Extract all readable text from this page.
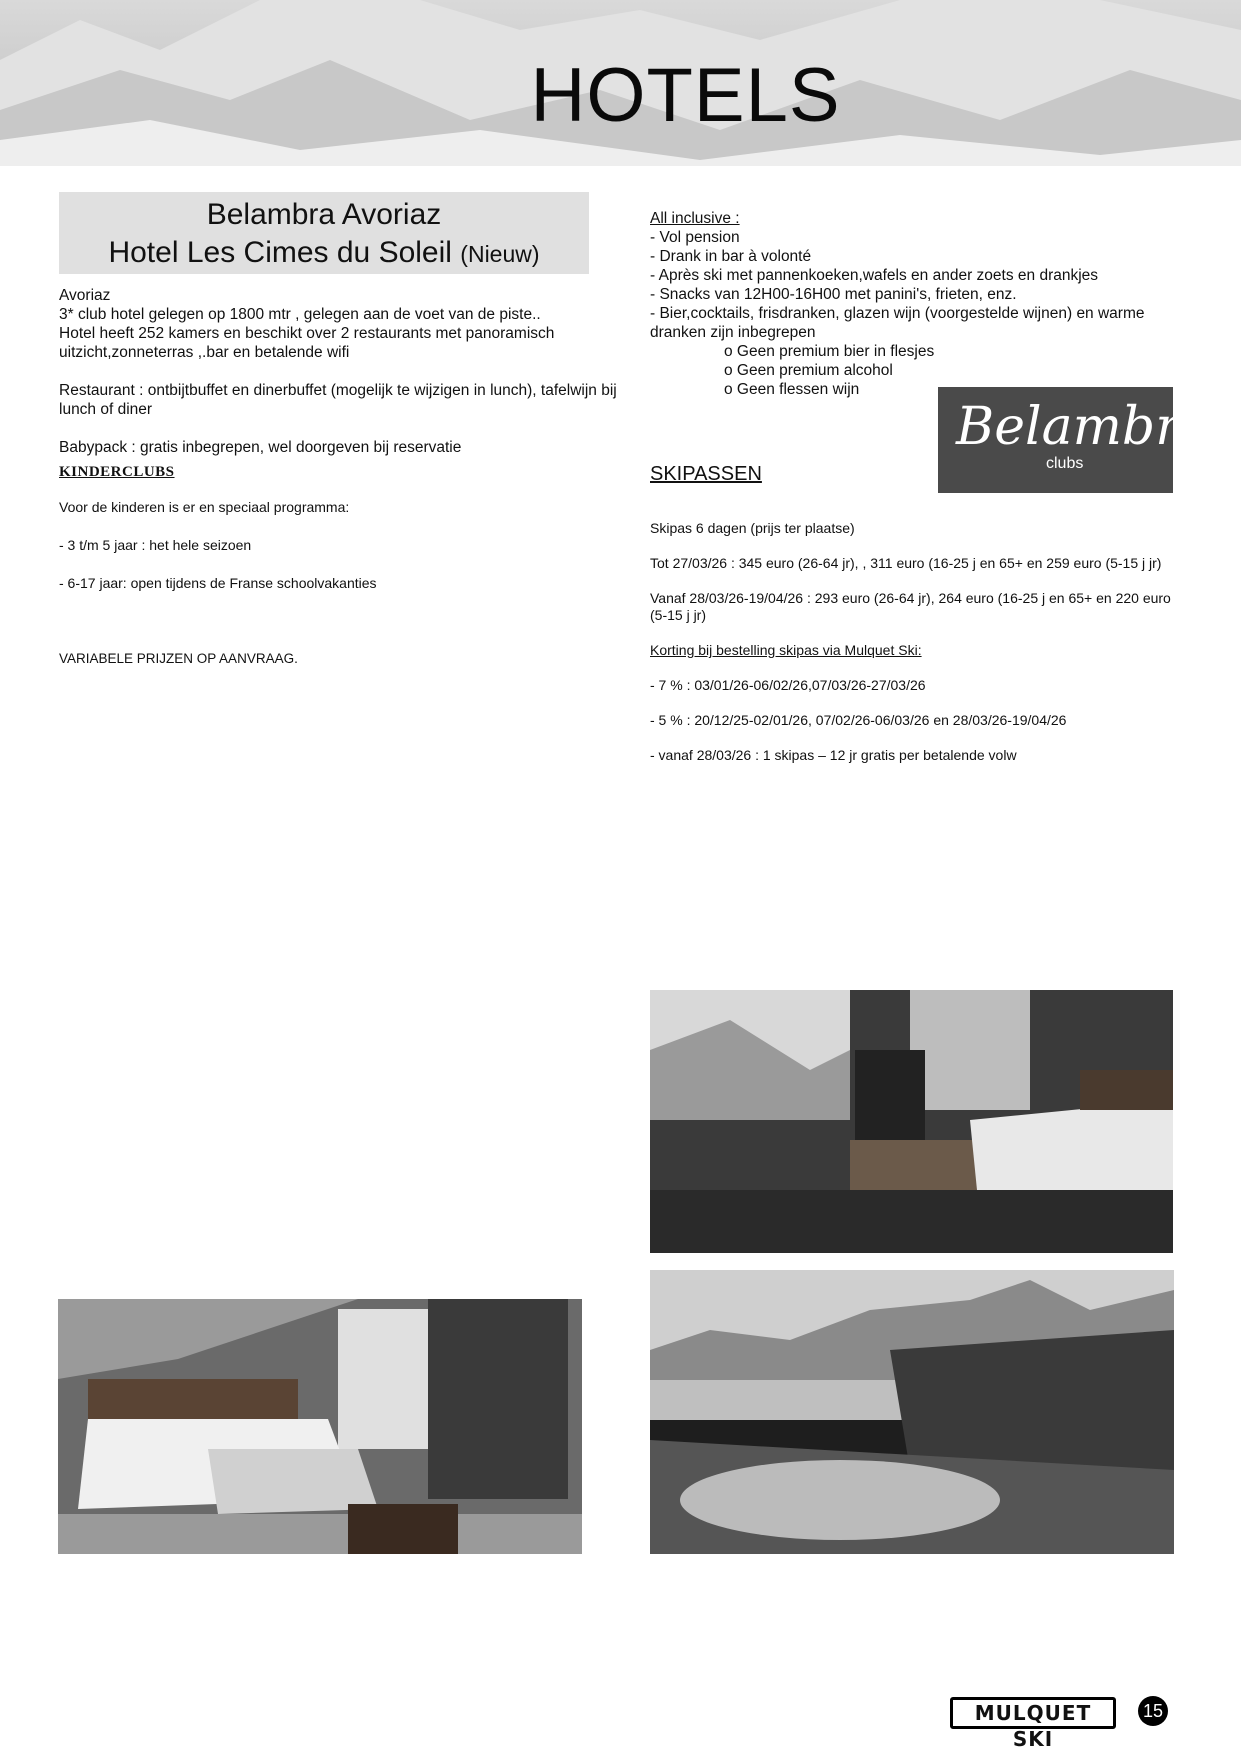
HOTELS
Belambra Avoriaz
Hotel Les Cimes du Soleil (Nieuw)

Avoriaz

3* club hotel gelegen op 1800 mtr , gelegen aan de voet van de piste..

Hotel heeft 252 kamers en beschikt over 2 restaurants met panoramisch uitzicht,zonneterras ,.bar en betalende wifi

Restaurant : ontbijtbuffet en dinerbuffet (mogelijk te wijzigen in lunch), tafelwijn bij lunch of diner

Babypack : gratis inbegrepen, wel doorgeven bij reservatie

KINDERCLUBS

Voor de kinderen is er en speciaal programma:

- 3 t/m 5 jaar : het hele seizoen

- 6-17 jaar: open tijdens de Franse schoolvakanties

VARIABELE PRIJZEN OP AANVRAAG.

All inclusive :

- Vol pension

- Drank in bar à volonté

- Après ski met pannenkoeken,wafels en ander zoets en drankjes

- Snacks van 12H00-16H00 met panini's, frieten, enz.

- Bier,cocktails, frisdranken, glazen wijn (voorgestelde wijnen) en warme dranken zijn inbegrepen

o Geen premium bier in flesjes

o Geen premium alcohol

o Geen flessen wijn

Belambra
clubs
SKIPASSEN

Skipas 6 dagen (prijs ter plaatse)

Tot 27/03/26 : 345 euro (26-64 jr), , 311 euro (16-25 j en 65+ en 259 euro (5-15 j jr)

Vanaf 28/03/26-19/04/26 : 293 euro (26-64 jr), 264 euro (16-25 j en 65+ en 220 euro (5-15 j jr)

Korting bij bestelling skipas via Mulquet Ski:

- 7 % : 03/01/26-06/02/26,07/03/26-27/03/26

- 5 % : 20/12/25-02/01/26, 07/02/26-06/03/26 en 28/03/26-19/04/26

- vanaf 28/03/26 : 1 skipas – 12 jr gratis per betalende volw

MULQUET SKI
15
